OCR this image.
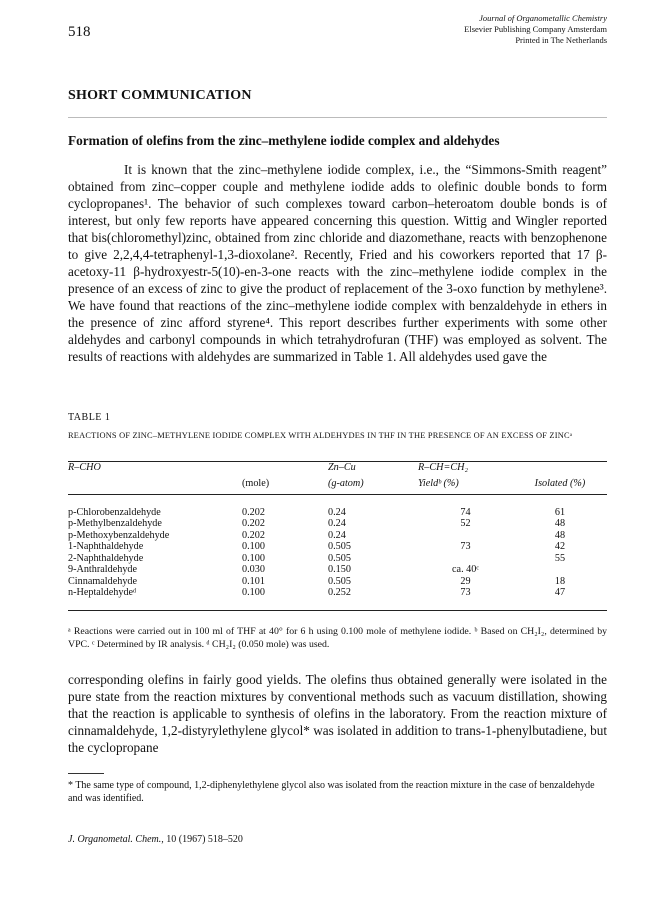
518
Journal of Organometallic Chemistry
Elsevier Publishing Company Amsterdam
Printed in The Netherlands
SHORT COMMUNICATION
Formation of olefins from the zinc–methylene iodide complex and aldehydes

It is known that the zinc–methylene iodide complex, i.e., the “Simmons-Smith reagent” obtained from zinc–copper couple and methylene iodide adds to olefinic double bonds to form cyclopropanes¹. The behavior of such complexes toward carbon–heteroatom double bonds is of interest, but only few reports have appeared concerning this question. Wittig and Wingler reported that bis(chloromethyl)zinc, obtained from zinc chloride and diazomethane, reacts with benzophenone to give 2,2,4,4-tetraphenyl-1,3-dioxolane². Recently, Fried and his coworkers reported that 17 β-acetoxy-11 β-hydroxyestr-5(10)-en-3-one reacts with the zinc–methylene iodide complex in the presence of an excess of zinc to give the product of replacement of the 3-oxo function by methylene³. We have found that reactions of the zinc–methylene iodide complex with benzaldehyde in ethers in the presence of zinc afford styrene⁴. This report describes further experiments with some other aldehydes and carbonyl compounds in which tetrahydrofuran (THF) was employed as solvent. The results of reactions with aldehydes are summarized in Table 1. All aldehydes used gave the

TABLE 1
REACTIONS OF ZINC–METHYLENE IODIDE COMPLEX WITH ALDEHYDES IN THF IN THE PRESENCE OF AN EXCESS OF ZINCᵃ
R–CHO		Zn–Cu	R–CH=CH₂	
	(mole)	(g-atom)	Yieldᵇ (%)	Isolated (%)

p-Chlorobenzaldehyde	0.202	0.24	74	61
p-Methylbenzaldehyde	0.202	0.24	52	48
p-Methoxybenzaldehyde	0.202	0.24		48
1-Naphthaldehyde	0.100	0.505	73	42
2-Naphthaldehyde	0.100	0.505		55
9-Anthraldehyde	0.030	0.150	ca. 40ᶜ	
Cinnamaldehyde	0.101	0.505	29	18
n-Heptaldehydeᵈ	0.100	0.252	73	47

ᵃ Reactions were carried out in 100 ml of THF at 40° for 6 h using 0.100 mole of methylene iodide. ᵇ Based on CH₂I₂, determined by VPC. ᶜ Determined by IR analysis. ᵈ CH₂I₂ (0.050 mole) was used.

corresponding olefins in fairly good yields. The olefins thus obtained generally were isolated in the pure state from the reaction mixtures by conventional methods such as vacuum distillation, showing that the reaction is applicable to synthesis of olefins in the laboratory. From the reaction mixture of cinnamaldehyde, 1,2-distyrylethylene glycol* was isolated in addition to trans-1-phenylbutadiene, but the cyclopropane

* The same type of compound, 1,2-diphenylethylene glycol also was isolated from the reaction mixture in the case of benzaldehyde and was identified.
J. Organometal. Chem., 10 (1967) 518–520
